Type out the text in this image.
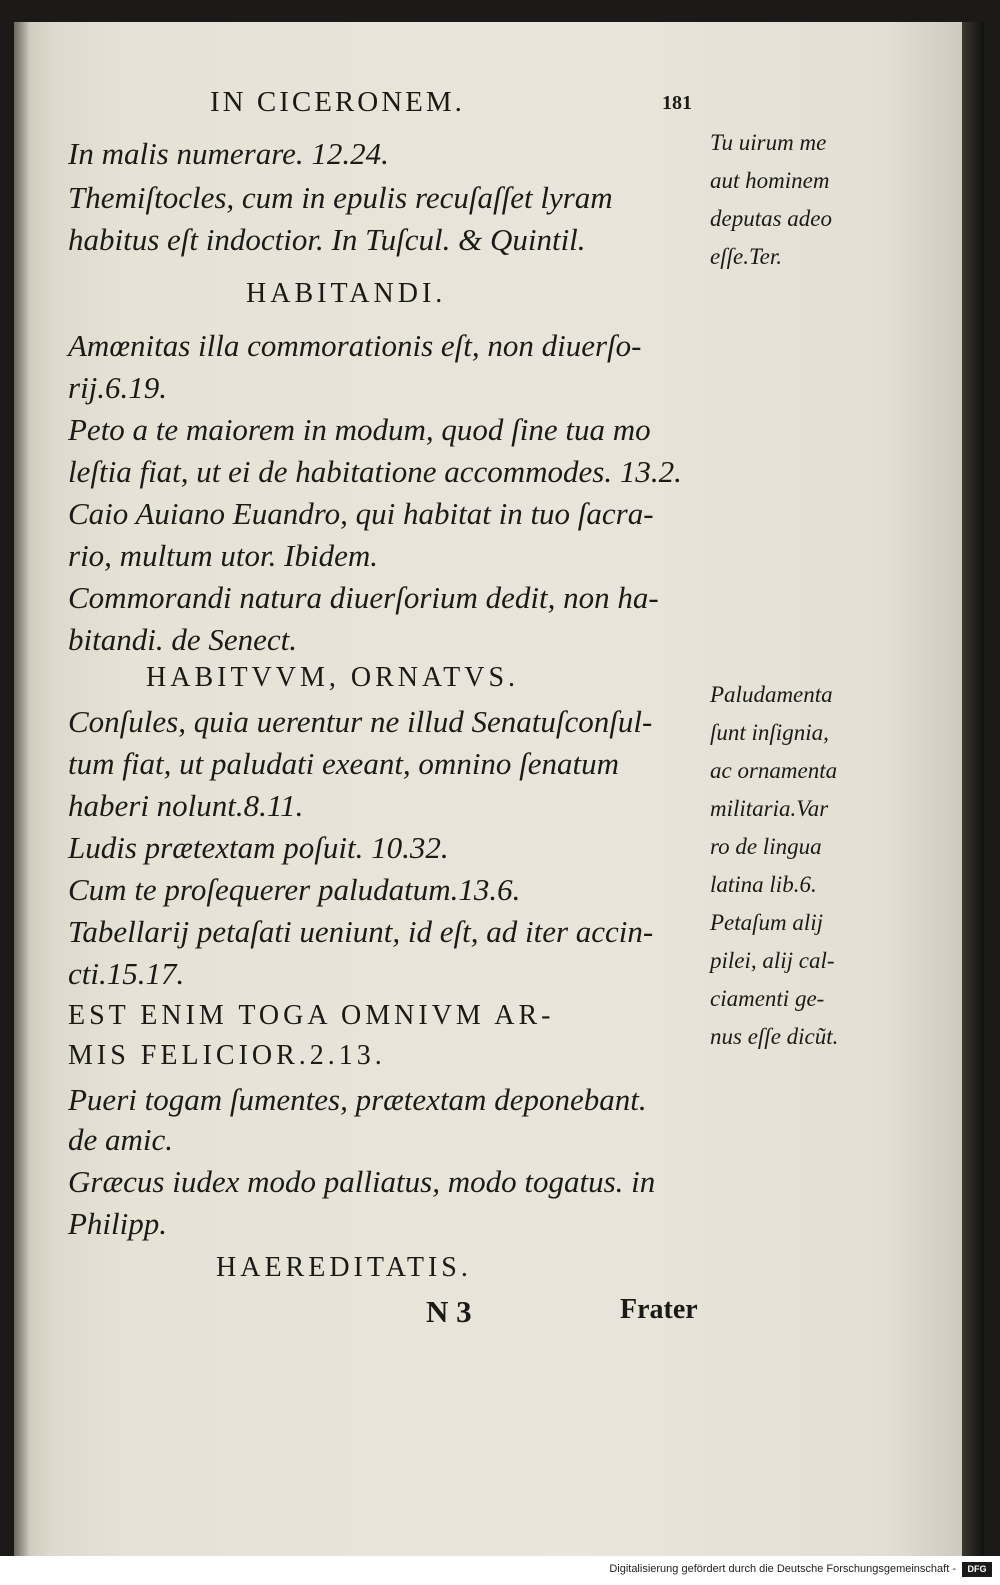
IN CICERONEM.	181
In malis numerare. 12.24.
Themiſtocles, cum in epulis recuſaſſet lyram
habitus eſt indoctior. In Tuſcul. & Quintil.
HABITANDI.
Amœnitas illa commorationis eſt, non diuerſo-
rij.6.19.
Peto a te maiorem in modum, quod ſine tua mo
leſtia fiat, ut ei de habitatione accommodes. 13.2.
Caio Auiano Euandro, qui habitat in tuo ſacra-
rio, multum utor. Ibidem.
Commorandi natura diuerſorium dedit, non ha-
bitandi. de Senect.
HABITVVM, ORNATVS.
Conſules, quia uerentur ne illud Senatuſconſul-
tum fiat, ut paludati exeant, omnino ſenatum
haberi nolunt.8.11.
Ludis prætextam poſuit. 10.32.
Cum te proſequerer paludatum.13.6.
Tabellarij petaſati ueniunt, id eſt, ad iter accin-
cti.15.17.
EST ENIM TOGA OMNIVM AR-
MIS FELICIOR.2.13.
Pueri togam ſumentes, prætextam deponebant.
de amic.
Græcus iudex modo palliatus, modo togatus. in
Philipp.
HAEREDITATIS.
Tu uirum me
aut hominem
deputas adeo
eſſe.Ter.
Paludamenta
ſunt inſignia,
ac ornamenta
militaria.Var
ro de lingua
latina lib.6.
Petaſum alij
pilei, alij cal-
ciamenti ge-
nus eſſe dicũt.
N 3	Frater
Digitalisierung gefördert durch die Deutsche Forschungsgemeinschaft -	DFG
